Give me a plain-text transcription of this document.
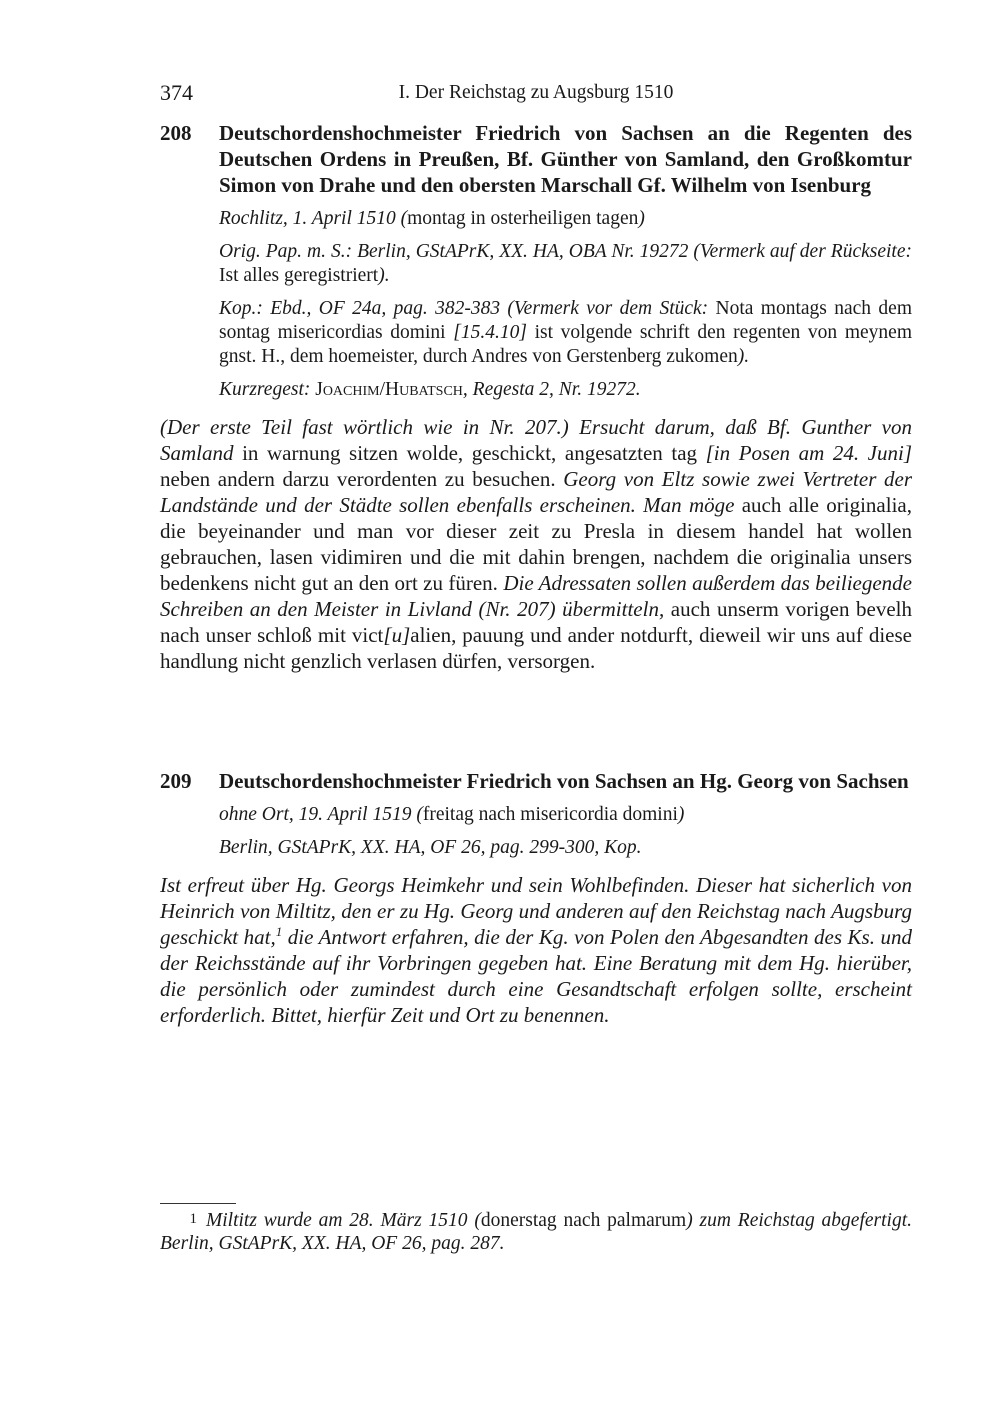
374	I. Der Reichstag zu Augsburg 1510
208 Deutschordenshochmeister Friedrich von Sachsen an die Regenten des Deutschen Ordens in Preußen, Bf. Günther von Samland, den Großkomtur Simon von Drahe und den obersten Marschall Gf. Wilhelm von Isenburg
Rochlitz, 1. April 1510 (montag in osterheiligen tagen)
Orig. Pap. m. S.: Berlin, GStAPrK, XX. HA, OBA Nr. 19272 (Vermerk auf der Rückseite: Ist alles geregistriert).
Kop.: Ebd., OF 24a, pag. 382-383 (Vermerk vor dem Stück: Nota montags nach dem sontag misericordias domini [15.4.10] ist volgende schrift den regenten von meynem gnst. H., dem hoemeister, durch Andres von Gerstenberg zukomen).
Kurzregest: Joachim/Hubatsch, Regesta 2, Nr. 19272.
(Der erste Teil fast wörtlich wie in Nr. 207.) Ersucht darum, daß Bf. Gunther von Samland in warnung sitzen wolde, geschickt, angesatzten tag [in Posen am 24. Juni] neben andern darzu verordenten zu besuchen. Georg von Eltz sowie zwei Vertreter der Landstände und der Städte sollen ebenfalls erscheinen. Man möge auch alle originalia, die beyeinander und man vor dieser zeit zu Presla in diesem handel hat wollen gebrauchen, lasen vidimiren und die mit dahin brengen, nachdem die originalia unsers bedenkens nicht gut an den ort zu füren. Die Adressaten sollen außerdem das beiliegende Schreiben an den Meister in Livland (Nr. 207) übermitteln, auch unserm vorigen bevelh nach unser schloß mit vict[u]alien, pauung und ander notdurft, dieweil wir uns auf diese handlung nicht genzlich verlasen dürfen, versorgen.
209 Deutschordenshochmeister Friedrich von Sachsen an Hg. Georg von Sachsen
ohne Ort, 19. April 1519 (freitag nach misericordia domini)
Berlin, GStAPrK, XX. HA, OF 26, pag. 299-300, Kop.
Ist erfreut über Hg. Georgs Heimkehr und sein Wohlbefinden. Dieser hat sicherlich von Heinrich von Miltitz, den er zu Hg. Georg und anderen auf den Reichstag nach Augsburg geschickt hat,$^1$ die Antwort erfahren, die der Kg. von Polen den Abgesandten des Ks. und der Reichsstände auf ihr Vorbringen gegeben hat. Eine Beratung mit dem Hg. hierüber, die persönlich oder zumindest durch eine Gesandtschaft erfolgen sollte, erscheint erforderlich. Bittet, hierfür Zeit und Ort zu benennen.
1 Miltitz wurde am 28. März 1510 (donerstag nach palmarum) zum Reichstag abgefertigt. Berlin, GStAPrK, XX. HA, OF 26, pag. 287.
